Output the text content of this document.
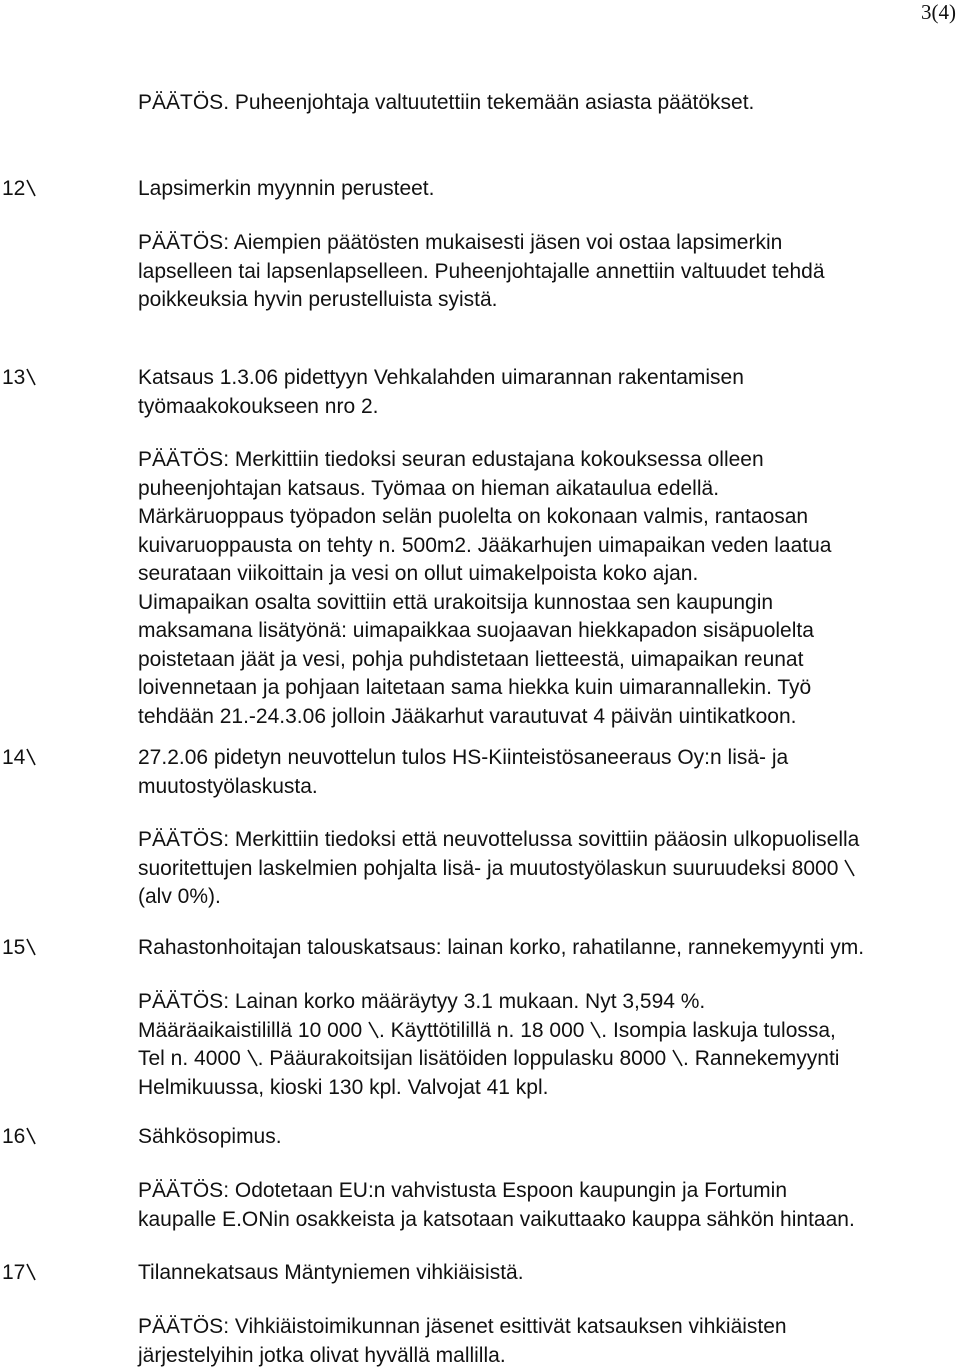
3(4)

PÄÄTÖS. Puheenjohtaja valtuutettiin tekemään asiasta päätökset.

12	Lapsimerkin myynnin perusteet.

PÄÄTÖS: Aiempien päätösten mukaisesti jäsen voi ostaa lapsimerkin
lapselleen tai lapsenlapselleen. Puheenjohtajalle annettiin valtuudet tehdä
poikkeuksia hyvin perustelluista syistä.

13	Katsaus 1.3.06 pidettyyn Vehkalahden uimarannan rakentamisen
työmaakokoukseen nro 2.

PÄÄTÖS: Merkittiin tiedoksi seuran edustajana kokouksessa olleen
puheenjohtajan katsaus. Työmaa on hieman aikataulua edellä.
Märkäruoppaus työpadon selän puolelta on kokonaan valmis, rantaosan
kuivaruoppausta on tehty n. 500m2. Jääkarhujen uimapaikan veden laatua
seurataan viikoittain ja vesi on ollut uimakelpoista koko ajan.
Uimapaikan osalta sovittiin että urakoitsija kunnostaa sen kaupungin
maksamana lisätyönä: uimapaikkaa suojaavan hiekkapadon sisäpuolelta
poistetaan jäät ja vesi, pohja puhdistetaan lietteestä, uimapaikan reunat
loivennetaan ja pohjaan laitetaan sama hiekka kuin uimarannallekin. Työ
tehdään 21.-24.3.06 jolloin Jääkarhut varautuvat 4 päivän uintikatkoon.

14	27.2.06 pidetyn neuvottelun tulos HS-Kiinteistösaneeraus Oy:n lisä- ja
muutostyölaskusta.

PÄÄTÖS: Merkittiin tiedoksi että neuvottelussa sovittiin pääosin ulkopuolisella
suoritettujen laskelmien pohjalta lisä- ja muutostyölaskun suuruudeksi 8000
(alv 0%).

15	Rahastonhoitajan talouskatsaus: lainan korko, rahatilanne, rannekemyynti ym.

PÄÄTÖS: Lainan korko määräytyy 3.1 mukaan. Nyt 3,594 %.
Määräaikaistilillä 10 000 . Käyttötilillä n. 18 000 . Isompia laskuja tulossa,
Tel n. 4000
. Pääurakoitsijan lisätöiden loppulasku 8000 . Rannekemyynti
Helmikuussa, kioski 130 kpl. Valvojat 41 kpl.

16	Sähkösopimus.

PÄÄTÖS: Odotetaan EU:n vahvistusta Espoon kaupungin ja Fortumin
kaupalle E.ONin osakkeista ja katsotaan vaikuttaako kauppa sähkön hintaan.

17	Tilannekatsaus Mäntyniemen vihkiäisistä.

PÄÄTÖS: Vihkiäistoimikunnan jäsenet esittivät katsauksen vihkiäisten
järjestelyihin jotka olivat hyvällä mallilla.
